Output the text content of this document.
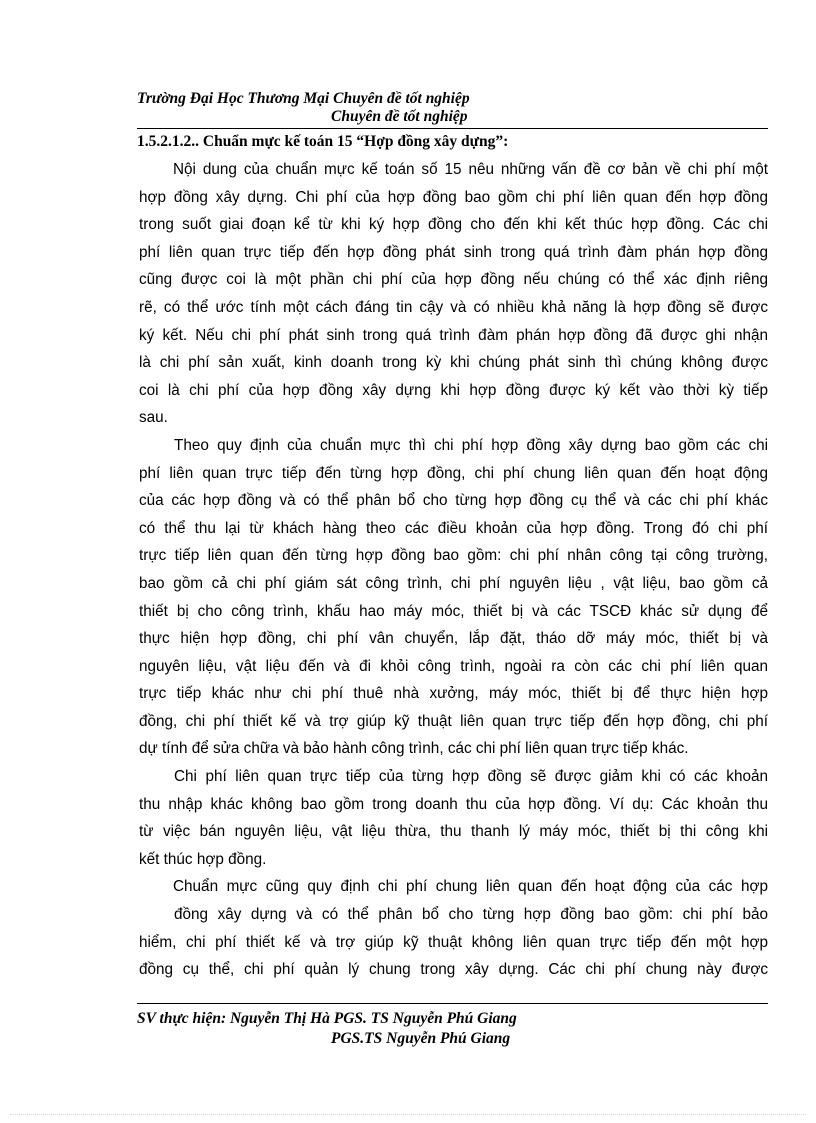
Trường Đại Học Thương Mại Chuyên đề tốt nghiệp
Chuyên đề tốt nghiệp
1.5.2.1.2.. Chuẩn mực kế toán 15 “Hợp đồng xây dựng”:
Nội dung của chuẩn mực kế toán số 15 nêu những vấn đề cơ bản về chi phí một
hợp đồng xây dựng. Chi phí của hợp đồng bao gồm chi phí liên quan đến hợp đồng
trong suốt giai đoạn kể từ khi ký hợp đồng cho đến khi kết thúc hợp đồng. Các chi
phí liên quan trực tiếp đến hợp đồng phát sinh trong quá trình đàm phán hợp đồng
cũng được coi là một phần chi phí của hợp đồng nếu chúng có thể xác định riêng
rẽ, có thể ước tính một cách đáng tin cậy và có nhiều khả năng là hợp đồng sẽ được
ký kết. Nếu chi phí phát sinh trong quá trình đàm phán hợp đồng đã được ghi nhận
là chi phí sản xuất, kinh doanh trong kỳ khi chúng phát sinh thì chúng không được
coi là chi phí của hợp đồng xây dựng khi hợp đồng được ký kết vào thời kỳ tiếp
sau.
Theo quy định của chuẩn mực thì chi phí hợp đồng xây dựng bao gồm các chi
phí liên quan trực tiếp đến từng hợp đồng, chi phí chung liên quan đến hoạt động
của các hợp đồng và có thể phân bổ cho từng hợp đồng cụ thể và các chi phí khác
có thể thu lại từ khách hàng theo các điều khoản của hợp đồng. Trong đó chi phí
trực tiếp liên quan đến từng hợp đồng bao gồm: chi phí nhân công tại công trường,
bao gồm cả chi phí giám sát công trình, chi phí nguyên liệu , vật liệu, bao gồm cả
thiết bị cho công trình, khấu hao máy móc, thiết bị và các TSCĐ khác sử dụng để
thực hiện hợp đồng, chi phí vân chuyển, lắp đặt, tháo dỡ máy móc, thiết bị và
nguyên liệu, vật liệu đến và đi khỏi công trình, ngoài ra còn các chi phí liên quan
trực tiếp khác như chi phí thuê nhà xưởng, máy móc, thiết bị để thực hiện hợp
đồng, chi phí thiết kế và trợ giúp kỹ thuật liên quan trực tiếp đến hợp đồng, chi phí
dự tính để sửa chữa và bảo hành công trình, các chi phí liên quan trực tiếp khác.
Chi phí liên quan trực tiếp của từng hợp đồng sẽ được giảm khi có các khoản
thu nhập khác không bao gồm trong doanh thu của hợp đồng. Ví dụ: Các khoản thu
từ việc bán nguyên liệu, vật liệu thừa, thu thanh lý máy móc, thiết bị thi công khi
kết thúc hợp đồng.
Chuẩn mực cũng quy định chi phí chung liên quan đến hoạt động của các hợp
đồng xây dựng và có thể phân bổ cho từng hợp đồng bao gồm: chi phí bảo
hiểm, chi phí thiết kế và trợ giúp kỹ thuật không liên quan trực tiếp đến một hợp
đồng cụ thể, chi phí quản lý chung trong xây dựng. Các chi phí chung này được
SV thực hiện: Nguyễn Thị Hà PGS. TS Nguyễn Phú Giang
PGS.TS Nguyễn Phú Giang
